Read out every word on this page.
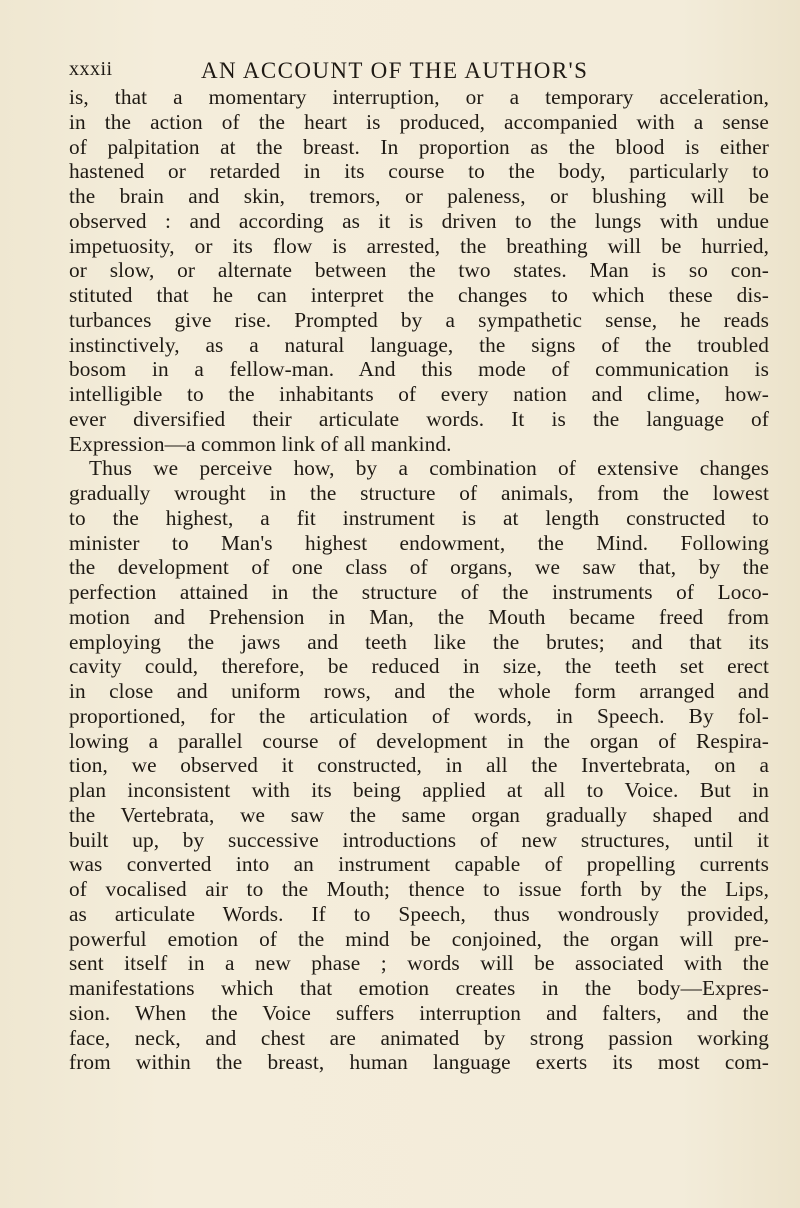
xxxii	AN ACCOUNT OF THE AUTHOR'S
is, that a momentary interruption, or a temporary acceleration,
in the action of the heart is produced, accompanied with a sense
of palpitation at the breast. In proportion as the blood is either
hastened or retarded in its course to the body, particularly to
the brain and skin, tremors, or paleness, or blushing will be
observed : and according as it is driven to the lungs with undue
impetuosity, or its flow is arrested, the breathing will be hurried,
or slow, or alternate between the two states. Man is so con-
stituted that he can interpret the changes to which these dis-
turbances give rise. Prompted by a sympathetic sense, he reads
instinctively, as a natural language, the signs of the troubled
bosom in a fellow-man. And this mode of communication is
intelligible to the inhabitants of every nation and clime, how-
ever diversified their articulate words. It is the language of
Expression—a common link of all mankind.
Thus we perceive how, by a combination of extensive changes
gradually wrought in the structure of animals, from the lowest
to the highest, a fit instrument is at length constructed to
minister to Man's highest endowment, the Mind. Following
the development of one class of organs, we saw that, by the
perfection attained in the structure of the instruments of Loco-
motion and Prehension in Man, the Mouth became freed from
employing the jaws and teeth like the brutes; and that its
cavity could, therefore, be reduced in size, the teeth set erect
in close and uniform rows, and the whole form arranged and
proportioned, for the articulation of words, in Speech. By fol-
lowing a parallel course of development in the organ of Respira-
tion, we observed it constructed, in all the Invertebrata, on a
plan inconsistent with its being applied at all to Voice. But in
the Vertebrata, we saw the same organ gradually shaped and
built up, by successive introductions of new structures, until it
was converted into an instrument capable of propelling currents
of vocalised air to the Mouth; thence to issue forth by the Lips,
as articulate Words. If to Speech, thus wondrously provided,
powerful emotion of the mind be conjoined, the organ will pre-
sent itself in a new phase ; words will be associated with the
manifestations which that emotion creates in the body—Expres-
sion. When the Voice suffers interruption and falters, and the
face, neck, and chest are animated by strong passion working
from within the breast, human language exerts its most com-
